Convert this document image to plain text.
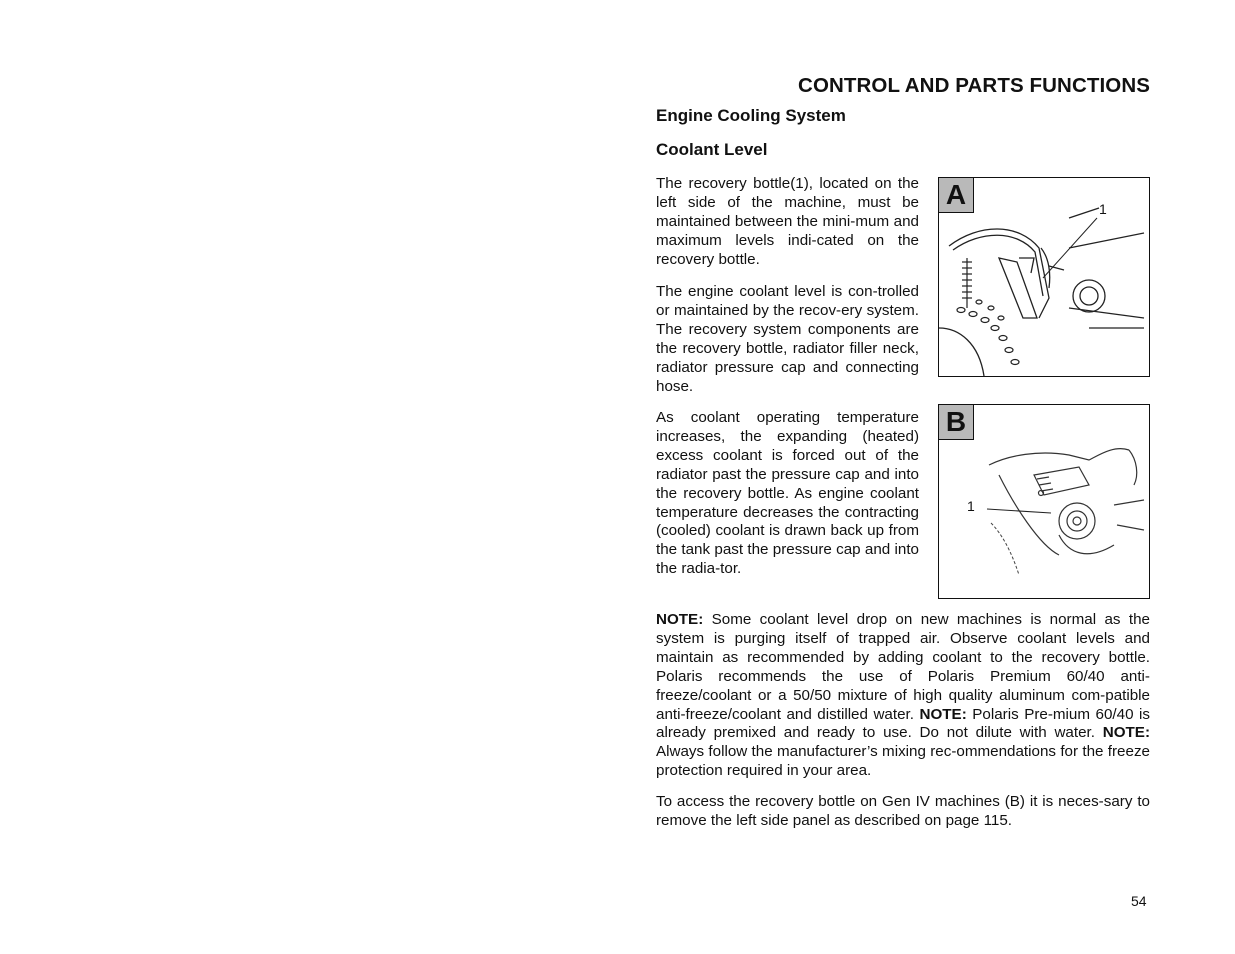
CONTROL AND PARTS FUNCTIONS
Engine Cooling System
Coolant Level
The recovery bottle(1), located on the left side of the machine, must be maintained between the mini-mum and maximum levels indi-cated on the recovery bottle.
The engine coolant level is con-trolled or maintained by the recov-ery system. The recovery system components are the recovery bottle, radiator filler neck, radiator pressure cap and connecting hose.
As coolant operating temperature increases, the expanding (heated) excess coolant is forced out of the radiator past the pressure cap and into the recovery bottle. As engine coolant temperature decreases the contracting (cooled) coolant is drawn back up from the tank past the pressure cap and into the radia-tor.
A	1
B
1
NOTE: Some coolant level drop on new machines is normal as the system is purging itself of trapped air. Observe coolant levels and maintain as recommended by adding coolant to the recovery bottle. Polaris recommends the use of Polaris Premium 60/40 anti-freeze/coolant or a 50/50 mixture of high quality aluminum com-patible anti-freeze/coolant and distilled water. NOTE: Polaris Pre-mium 60/40 is already premixed and ready to use. Do not dilute with water. NOTE: Always follow the manufacturer’s mixing rec-ommendations for the freeze protection required in your area.
To access the recovery bottle on Gen IV machines (B) it is neces-sary to remove the left side panel as described on page 115.
54
